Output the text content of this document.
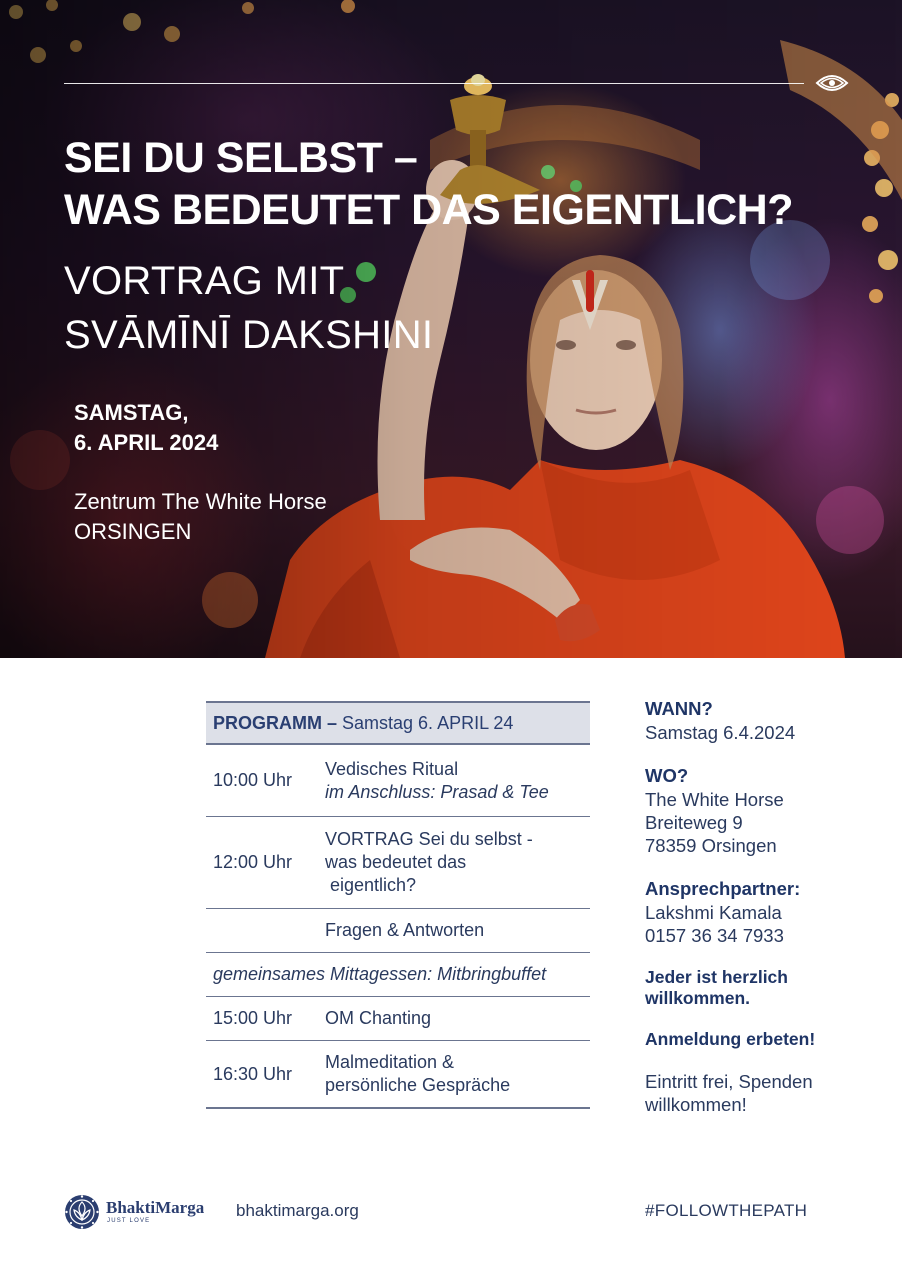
SEI DU SELBST –
WAS BEDEUTET DAS EIGENTLICH?
VORTRAG MIT
SVĀMĪNĪ DAKSHINI
SAMSTAG,
6. APRIL 2024
Zentrum The White Horse
ORSINGEN
PROGRAMM – Samstag 6. APRIL 24
10:00 Uhr
Vedisches Ritual
im Anschluss: Prasad & Tee
12:00 Uhr
VORTRAG Sei du selbst -
was bedeutet das
eigentlich?
Fragen & Antworten
gemeinsames Mittagessen: Mitbringbuffet
15:00 Uhr	OM Chanting
16:30 Uhr
Malmeditation &
persönliche Gespräche
WANN?
Samstag 6.4.2024
WO?
The White Horse
Breiteweg 9
78359 Orsingen
Ansprechpartner:
Lakshmi Kamala
0157 36 34 7933
Jeder ist herzlich
willkommen.
Anmeldung erbeten!
Eintritt frei, Spenden
willkommen!
BhaktiMarga
JUST LOVE
bhaktimarga.org	#FOLLOWTHEPATH
